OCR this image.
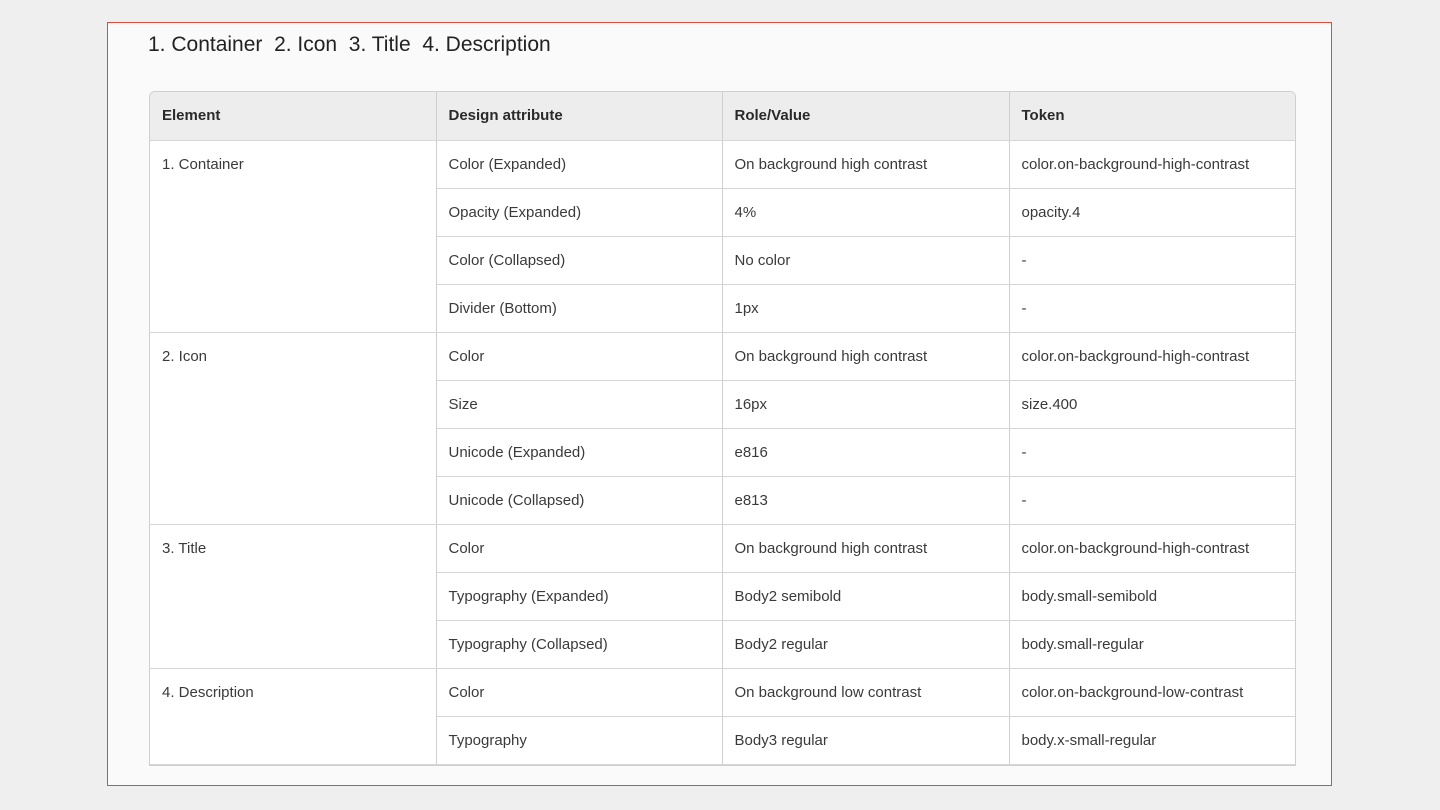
1. Container  2. Icon  3. Title  4. Description
Element	Design attribute	Role/Value	Token
1. Container	Color (Expanded)	On background high contrast	color.on-background-high-contrast
	Opacity (Expanded)	4%	opacity.4
	Color (Collapsed)	No color	-
	Divider (Bottom)	1px	-
2. Icon	Color	On background high contrast	color.on-background-high-contrast
	Size	16px	size.400
	Unicode (Expanded)	e816	-
	Unicode (Collapsed)	e813	-
3. Title	Color	On background high contrast	color.on-background-high-contrast
	Typography (Expanded)	Body2 semibold	body.small-semibold
	Typography (Collapsed)	Body2 regular	body.small-regular
4. Description	Color	On background low contrast	color.on-background-low-contrast
	Typography	Body3 regular	body.x-small-regular
